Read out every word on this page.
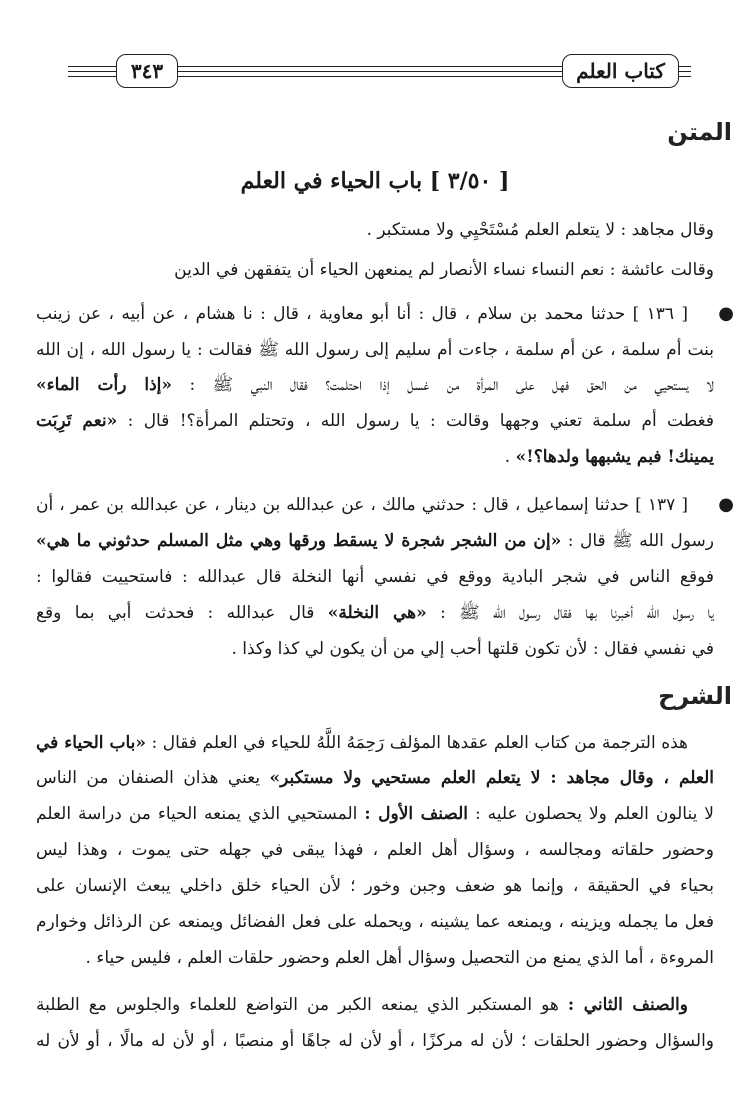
٣٤٣	كتاب العلم
المتن
[ ٣/٥٠ ] باب الحياء في العلم
وقال مجاهد : لا يتعلم العلم مُسْتَحْيِي ولا مستكبر .
وقالت عائشة : نعم النساء نساء الأنصار لم يمنعهن الحياء أن يتفقهن في الدين
●
[ ١٣٦ ] حدثنا محمد بن سلام ، قال : أنا أبو معاوية ، قال : نا هشام ، عن أبيه ، عن زينب
بنت أم سلمة ، عن أم سلمة ، جاءت أم سليم إلى رسول الله ﷺ فقالت : يا رسول الله ، إن الله
لا يستحيي من الحق فهل على المرأة من غسل إذا احتلمت؟ فقال النبي ﷺ : «إذا رأت الماء»
فغطت أم سلمة تعني وجهها وقالت : يا رسول الله ، وتحتلم المرأة؟! قال : «نعم تَرِبَت
يمينك! فبم يشبهها ولدها؟!» .
●
[ ١٣٧ ] حدثنا إسماعيل ، قال : حدثني مالك ، عن عبدالله بن دينار ، عن عبدالله بن عمر ، أن
رسول الله ﷺ قال : «إن من الشجر شجرة لا يسقط ورقها وهي مثل المسلم حدثوني ما هي»
فوقع الناس في شجر البادية ووقع في نفسي أنها النخلة قال عبدالله : فاستحييت فقالوا :
يا رسول الله أخبرنا بها فقال رسول الله ﷺ : «هي النخلة» قال عبدالله : فحدثت أبي بما وقع
في نفسي فقال : لأن تكون قلتها أحب إلي من أن يكون لي كذا وكذا .
الشرح
هذه الترجمة من كتاب العلم عقدها المؤلف رَحِمَهُ اللَّهُ للحياء في العلم فقال : «باب الحياء في
العلم ، وقال مجاهد : لا يتعلم العلم مستحيي ولا مستكبر» يعني هذان الصنفان من الناس
لا ينالون العلم ولا يحصلون عليه : الصنف الأول : المستحيي الذي يمنعه الحياء من دراسة العلم
وحضور حلقاته ومجالسه ، وسؤال أهل العلم ، فهذا يبقى في جهله حتى يموت ، وهذا ليس
بحياء في الحقيقة ، وإنما هو ضعف وجبن وخور ؛ لأن الحياء خلق داخلي يبعث الإنسان على
فعل ما يجمله ويزينه ، ويمنعه عما يشينه ، ويحمله على فعل الفضائل ويمنعه عن الرذائل وخوارم
المروءة ، أما الذي يمنع من التحصيل وسؤال أهل العلم وحضور حلقات العلم ، فليس حياء .
والصنف الثاني : هو المستكبر الذي يمنعه الكبر من التواضع للعلماء والجلوس مع الطلبة
والسؤال وحضور الحلقات ؛ لأن له مركزًا ، أو لأن له جاهًا أو منصبًا ، أو لأن له مالًا ، أو لأن له
